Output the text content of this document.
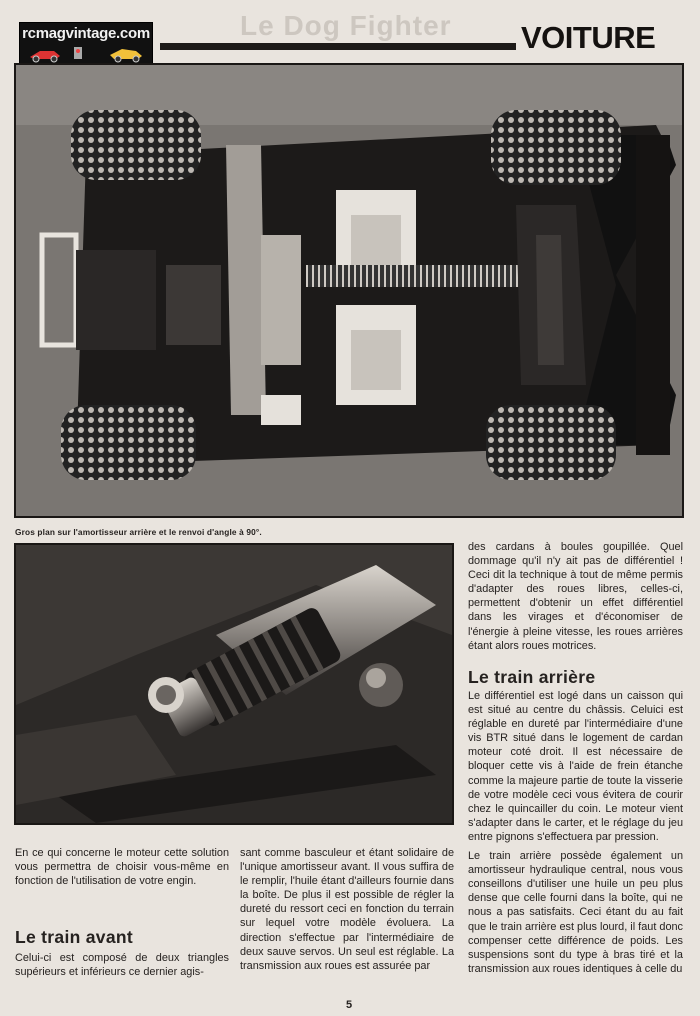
rcmagvintage.com	Le Dog Fighter VOITURE
Gros plan sur l'amortisseur arrière et le renvoi d'angle à 90°.
des cardans à boules goupillée. Quel dommage qu'il n'y ait pas de différentiel ! Ceci dit la technique à tout de même permis d'adapter des roues libres, celles-ci, permettent d'obtenir un effet différentiel dans les virages et d'économiser de l'énergie à pleine vitesse, les roues arrières étant alors roues motrices.
Le train arrière

Le différentiel est logé dans un caisson qui est situé au centre du châssis. Celuici est réglable en dureté par l'intermédiaire d'une vis BTR situé dans le logement de cardan moteur coté droit. Il est nécessaire de bloquer cette vis à l'aide de frein étanche comme la majeure partie de toute la visserie de votre modèle ceci vous évitera de courir chez le quincailler du coin. Le moteur vient s'adapter dans le carter, et le réglage du jeu entre pignons s'effectuera par pression.

Le train arrière possède également un amortisseur hydraulique central, nous vous conseillons d'utiliser une huile un peu plus dense que celle fourni dans la boîte, qui ne nous a pas satisfaits. Ceci étant du au fait que le train arrière est plus lourd, il faut donc compenser cette différence de poids. Les suspensions sont du type à bras tiré et la transmission aux roues identiques à celle du

En ce qui concerne le moteur cette solution vous permettra de choisir vous-même en fonction de l'utilisation de votre engin.
Le train avant
Celui-ci est composé de deux triangles supérieurs et inférieurs ce dernier agis-
sant comme basculeur et étant solidaire de l'unique amortisseur avant. Il vous suffira de le remplir, l'huile étant d'ailleurs fournie dans la boîte. De plus il est possible de régler la dureté du ressort ceci en fonction du terrain sur lequel votre modèle évoluera. La direction s'effectue par l'intermédiaire de deux sauve servos. Un seul est réglable. La transmission aux roues est assurée par
5
